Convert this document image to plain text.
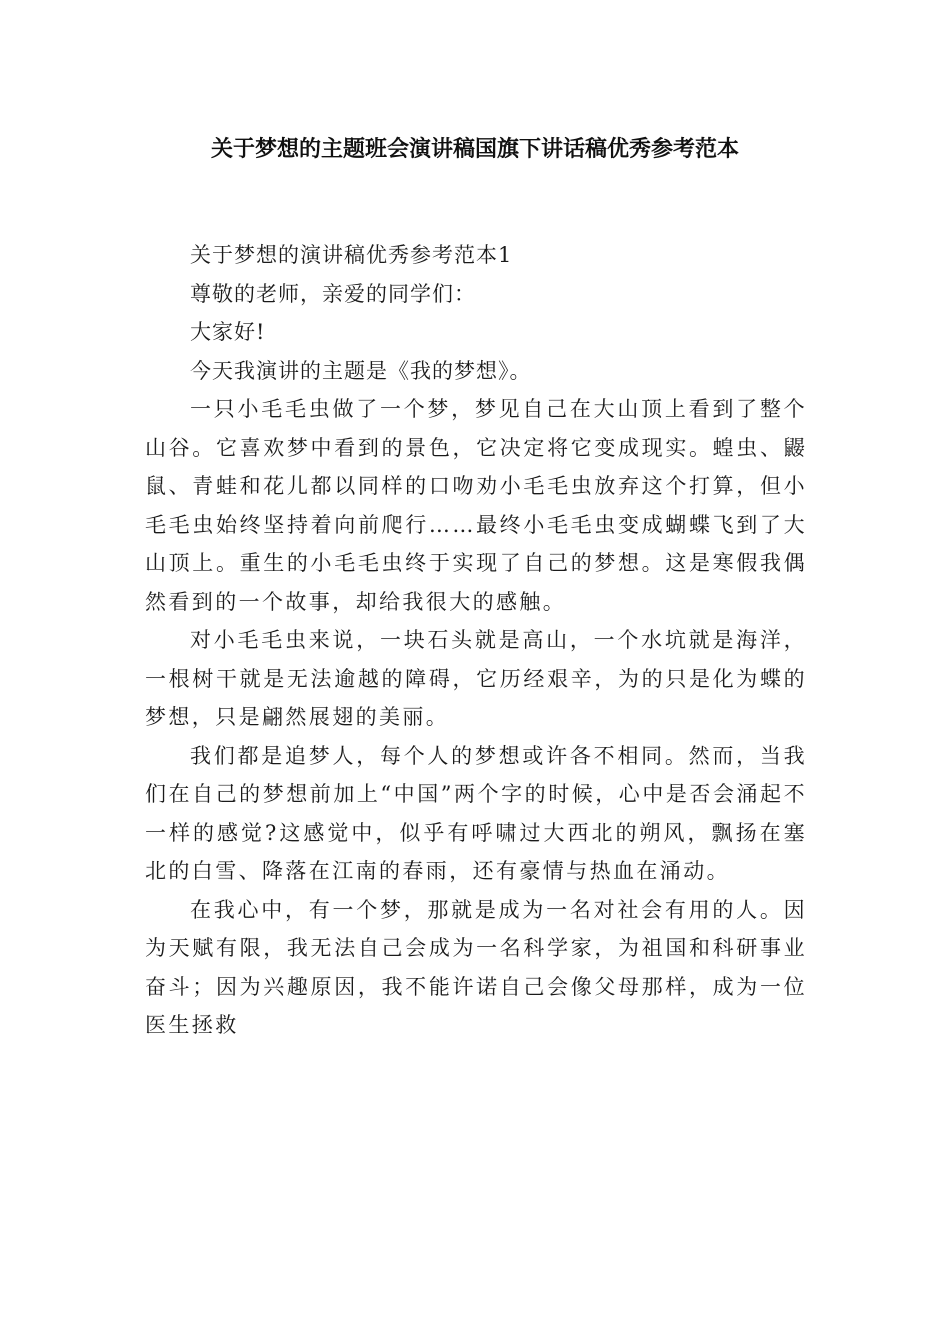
关于梦想的主题班会演讲稿国旗下讲话稿优秀参考范本

关于梦想的演讲稿优秀参考范本1

尊敬的老师，亲爱的同学们：

大家好!

今天我演讲的主题是《我的梦想》。

一只小毛毛虫做了一个梦，梦见自己在大山顶上看到了整个山谷。它喜欢梦中看到的景色，它决定将它变成现实。蝗虫、鼹鼠、青蛙和花儿都以同样的口吻劝小毛毛虫放弃这个打算，但小毛毛虫始终坚持着向前爬行……最终小毛毛虫变成蝴蝶飞到了大山顶上。重生的小毛毛虫终于实现了自己的梦想。这是寒假我偶然看到的一个故事，却给我很大的感触。

对小毛毛虫来说，一块石头就是高山，一个水坑就是海洋，一根树干就是无法逾越的障碍，它历经艰辛，为的只是化为蝶的梦想，只是翩然展翅的美丽。

我们都是追梦人，每个人的梦想或许各不相同。然而，当我们在自己的梦想前加上“中国”两个字的时候，心中是否会涌起不一样的感觉?这感觉中，似乎有呼啸过大西北的朔风，飘扬在塞北的白雪、降落在江南的春雨，还有豪情与热血在涌动。

在我心中，有一个梦，那就是成为一名对社会有用的人。因为天赋有限，我无法自己会成为一名科学家，为祖国和科研事业奋斗；因为兴趣原因，我不能许诺自己会像父母那样，成为一位医生拯救
